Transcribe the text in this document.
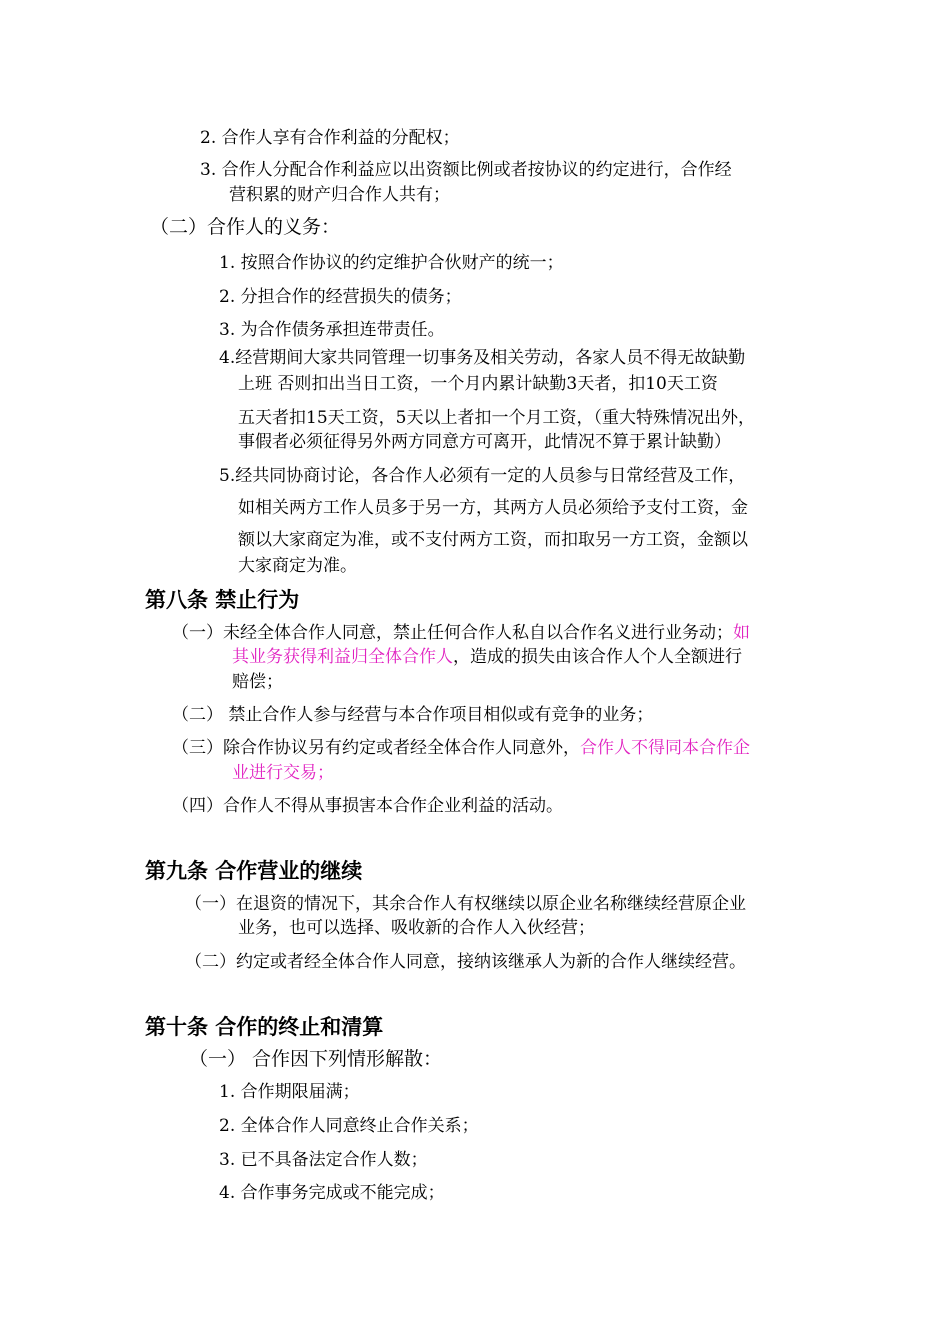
2. 合作人享有合作利益的分配权；
3. 合作人分配合作利益应以出资额比例或者按协议的约定进行，合作经
营积累的财产归合作人共有；
（二）合作人的义务：
1. 按照合作协议的约定维护合伙财产的统一；
2. 分担合作的经营损失的债务；
3. 为合作债务承担连带责任。
4.经营期间大家共同管理一切事务及相关劳动，各家人员不得无故缺勤
上班 否则扣出当日工资，一个月内累计缺勤3天者，扣10天工资
五天者扣15天工资，5天以上者扣一个月工资，（重大特殊情况出外，
事假者必须征得另外两方同意方可离开，此情况不算于累计缺勤）
5.经共同协商讨论，各合作人必须有一定的人员参与日常经营及工作，
如相关两方工作人员多于另一方，其两方人员必须给予支付工资，金
额以大家商定为准，或不支付两方工资，而扣取另一方工资，金额以
大家商定为准。
第八条 禁止行为
（一）未经全体合作人同意，禁止任何合作人私自以合作名义进行业务动；如
其业务获得利益归全体合作人，造成的损失由该合作人个人全额进行
赔偿；
（二） 禁止合作人参与经营与本合作项目相似或有竞争的业务；
（三）除合作协议另有约定或者经全体合作人同意外，合作人不得同本合作企
业进行交易；
（四）合作人不得从事损害本合作企业利益的活动。
第九条 合作营业的继续
（一）在退资的情况下，其余合作人有权继续以原企业名称继续经营原企业
业务，也可以选择、吸收新的合作人入伙经营；
（二）约定或者经全体合作人同意，接纳该继承人为新的合作人继续经营。
第十条 合作的终止和清算
（一） 合作因下列情形解散：
1. 合作期限届满；
2. 全体合作人同意终止合作关系；
3. 已不具备法定合作人数；
4. 合作事务完成或不能完成；
